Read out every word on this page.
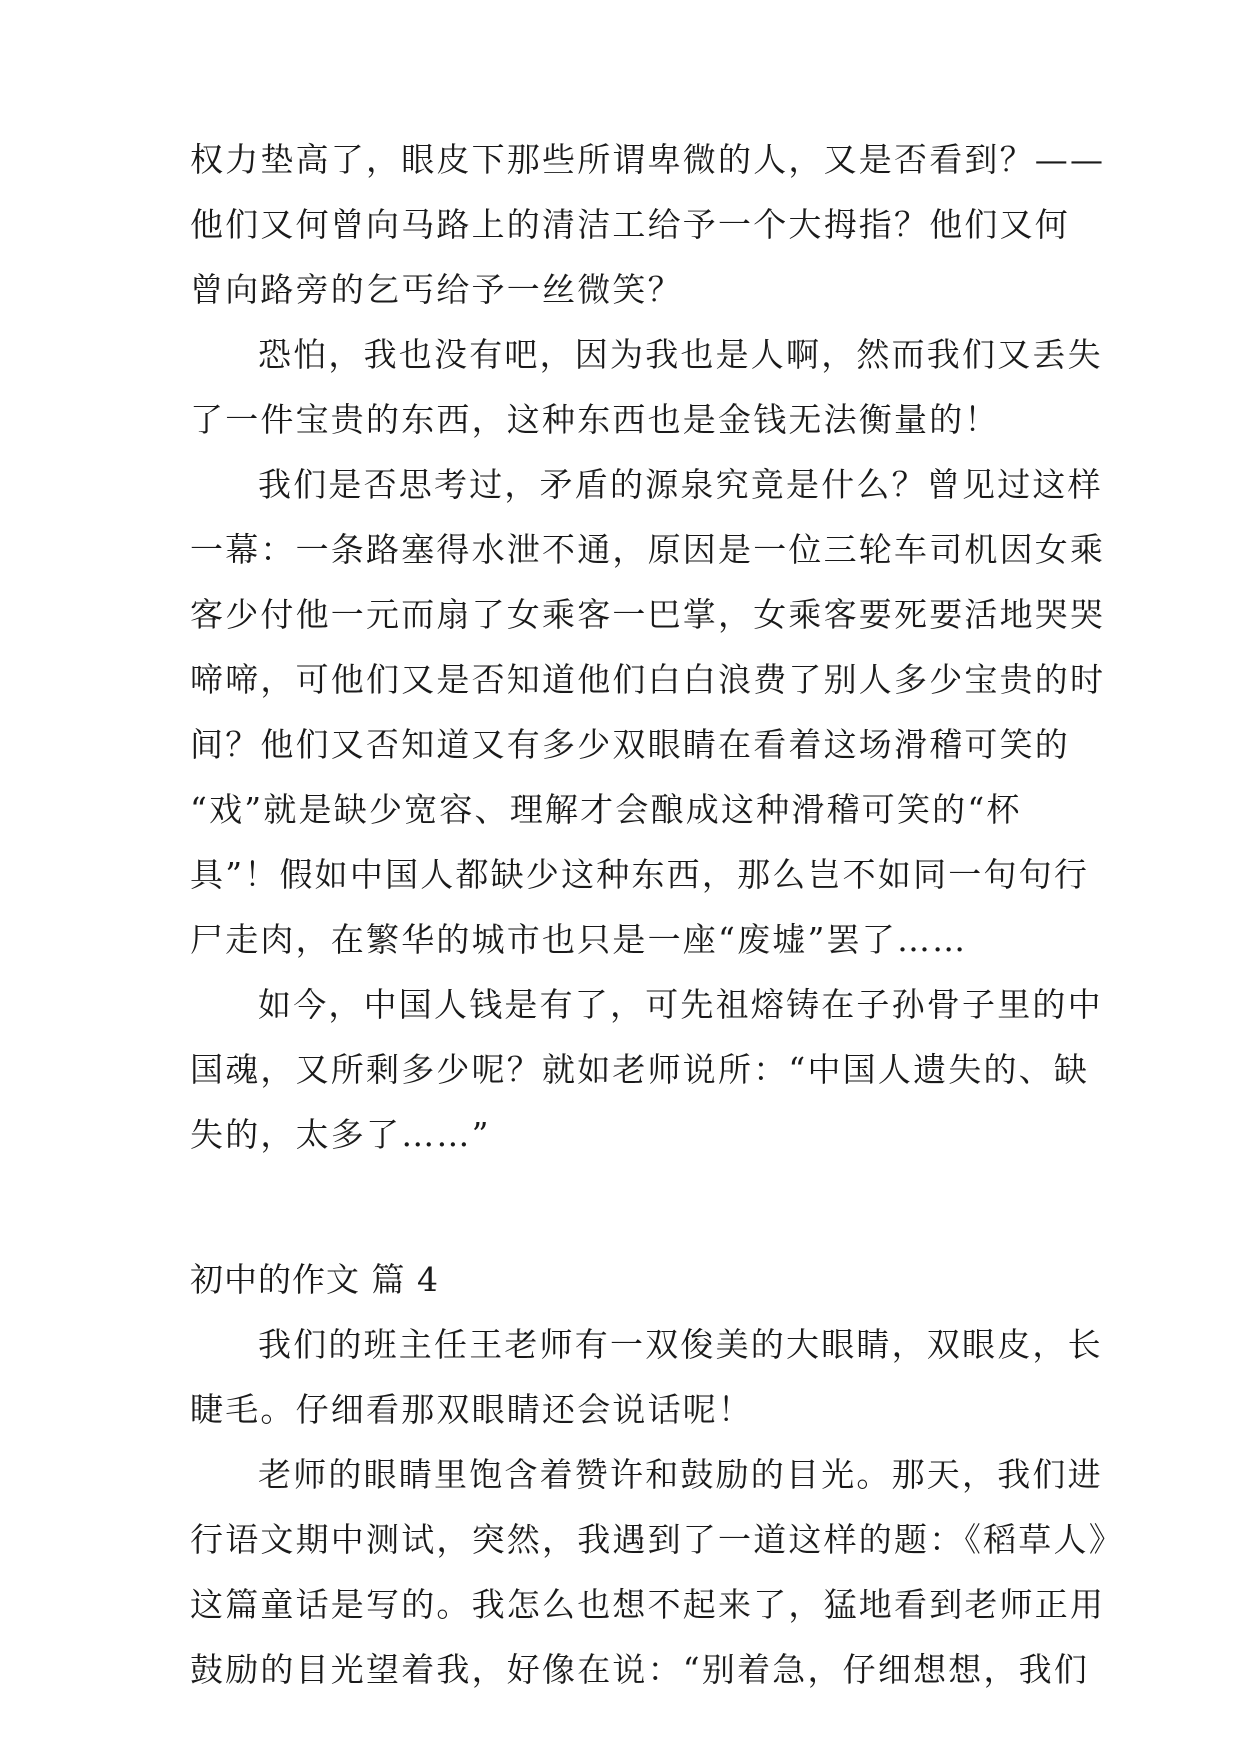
权力垫高了，眼皮下那些所谓卑微的人，又是否看到？——
他们又何曾向马路上的清洁工给予一个大拇指？他们又何
曾向路旁的乞丐给予一丝微笑？
恐怕，我也没有吧，因为我也是人啊，然而我们又丢失
了一件宝贵的东西，这种东西也是金钱无法衡量的！
我们是否思考过，矛盾的源泉究竟是什么？曾见过这样
一幕：一条路塞得水泄不通，原因是一位三轮车司机因女乘
客少付他一元而扇了女乘客一巴掌，女乘客要死要活地哭哭
啼啼，可他们又是否知道他们白白浪费了别人多少宝贵的时
间？他们又否知道又有多少双眼睛在看着这场滑稽可笑的
“戏”就是缺少宽容、理解才会酿成这种滑稽可笑的“杯
具”！假如中国人都缺少这种东西，那么岂不如同一句句行
尸走肉，在繁华的城市也只是一座“废墟”罢了……
如今，中国人钱是有了，可先祖熔铸在子孙骨子里的中
国魂，又所剩多少呢？就如老师说所：“中国人遗失的、缺
失的，太多了……”
初中的作文 篇 4
我们的班主任王老师有一双俊美的大眼睛，双眼皮，长
睫毛。仔细看那双眼睛还会说话呢！
老师的眼睛里饱含着赞许和鼓励的目光。那天，我们进
行语文期中测试，突然，我遇到了一道这样的题：《稻草人》
这篇童话是写的。我怎么也想不起来了，猛地看到老师正用
鼓励的目光望着我，好像在说：“别着急，仔细想想，我们
